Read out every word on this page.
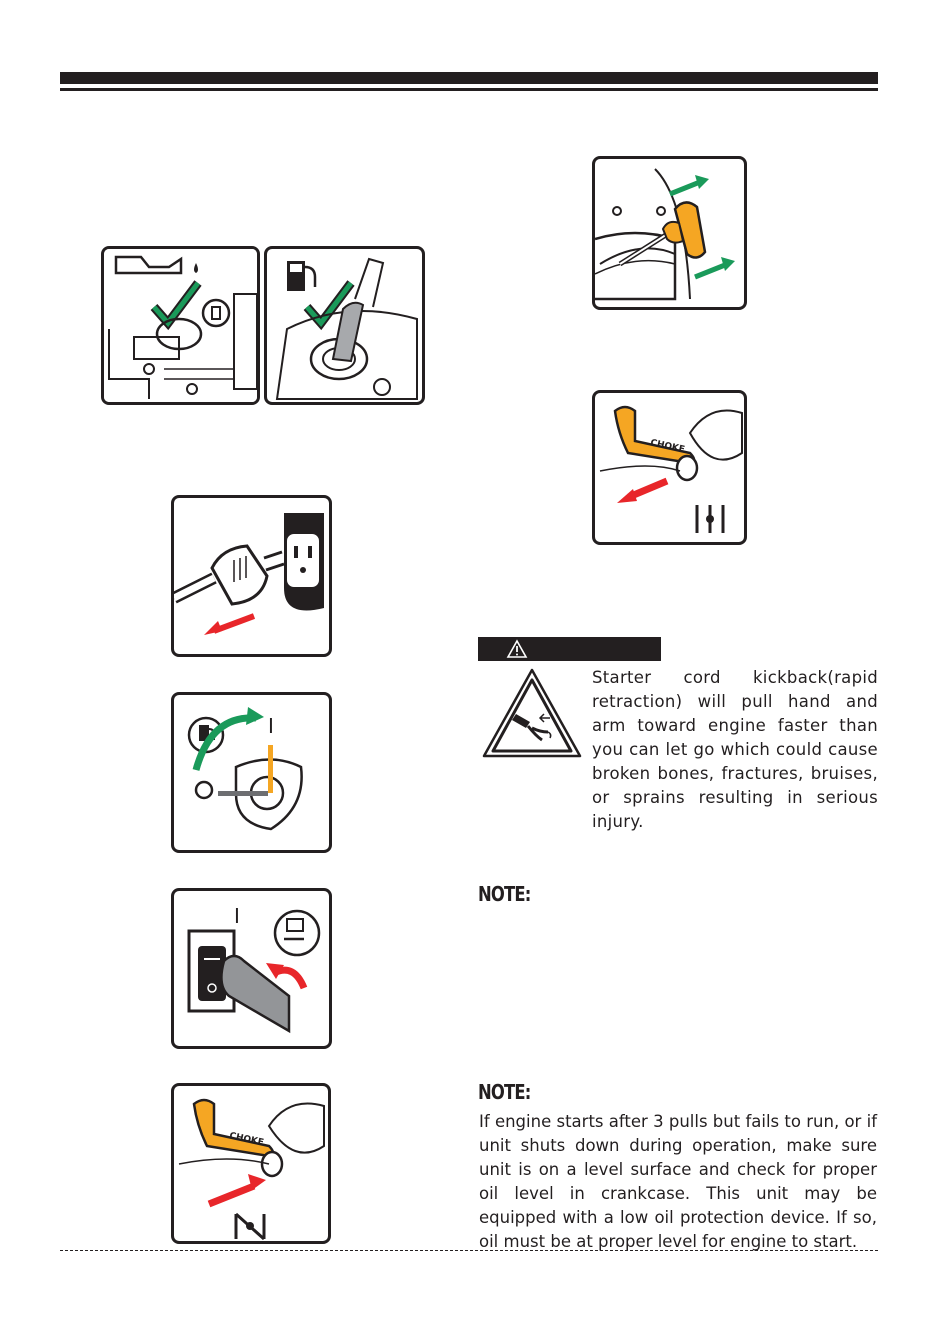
I
I
CHOKE
CHOKE
Starter cord kickback(rapid retraction) will pull hand and arm toward engine faster than you can let go which could cause broken bones, fractures, bruises, or sprains resulting in serious injury.
NOTE:
NOTE:
If engine starts after 3 pulls but fails to run, or if unit shuts down during operation, make sure unit is on a level surface and check for proper oil level in crankcase. This unit may be equipped with a low oil protection device. If so, oil must be at proper level for engine to start.
